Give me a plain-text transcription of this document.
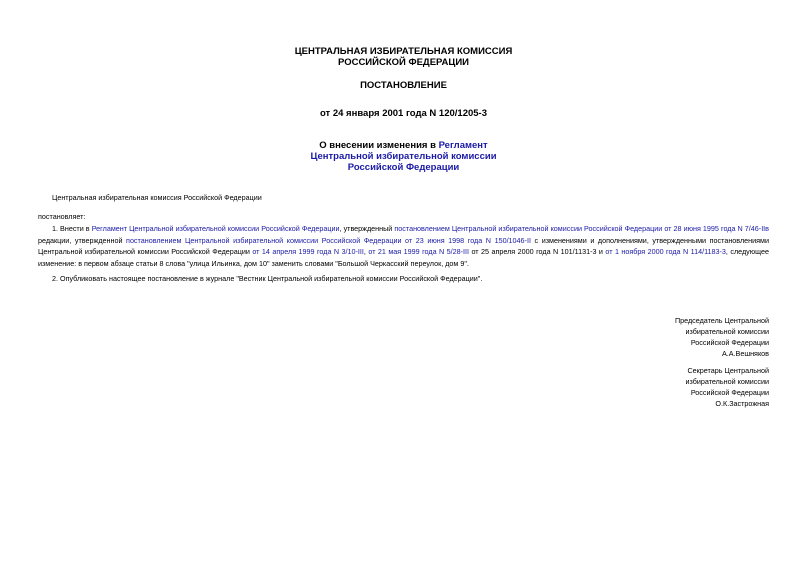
ЦЕНТРАЛЬНАЯ ИЗБИРАТЕЛЬНАЯ КОМИССИЯ
РОССИЙСКОЙ ФЕДЕРАЦИИ
ПОСТАНОВЛЕНИЕ
от 24 января 2001 года N 120/1205-3
О внесении изменения в Регламент
Центральной избирательной комиссии
Российской Федерации
Центральная избирательная комиссия Российской Федерации
постановляет:
1. Внести в Регламент Центральной избирательной комиссии Российской Федерации, утвержденный постановлением Центральной избирательной комиссии Российской Федерации от 28 июня 1995 года N 7/46-IIв редакции, утвержденной постановлением Центральной избирательной комиссии Российской Федерации от 23 июня 1998 года N 150/1046-II с изменениями и дополнениями, утвержденными постановлениями Центральной избирательной комиссии Российской Федерации от 14 апреля 1999 года N 3/10-III, от 21 мая 1999 года N 5/28-III от 25 апреля 2000 года N 101/1131-3 и от 1 ноября 2000 года N 114/1183-3, следующее изменение: в первом абзаце статьи 8 слова "улица Ильинка, дом 10" заменить словами "Большой Черкасский переулок, дом 9".
2. Опубликовать настоящее постановление в журнале "Вестник Центральной избирательной комиссии Российской Федерации".
Председатель Центральной
избирательной комиссии
Российской Федерации
А.А.Вешняков
Секретарь Центральной
избирательной комиссии
Российской Федерации
О.К.Застрожная
